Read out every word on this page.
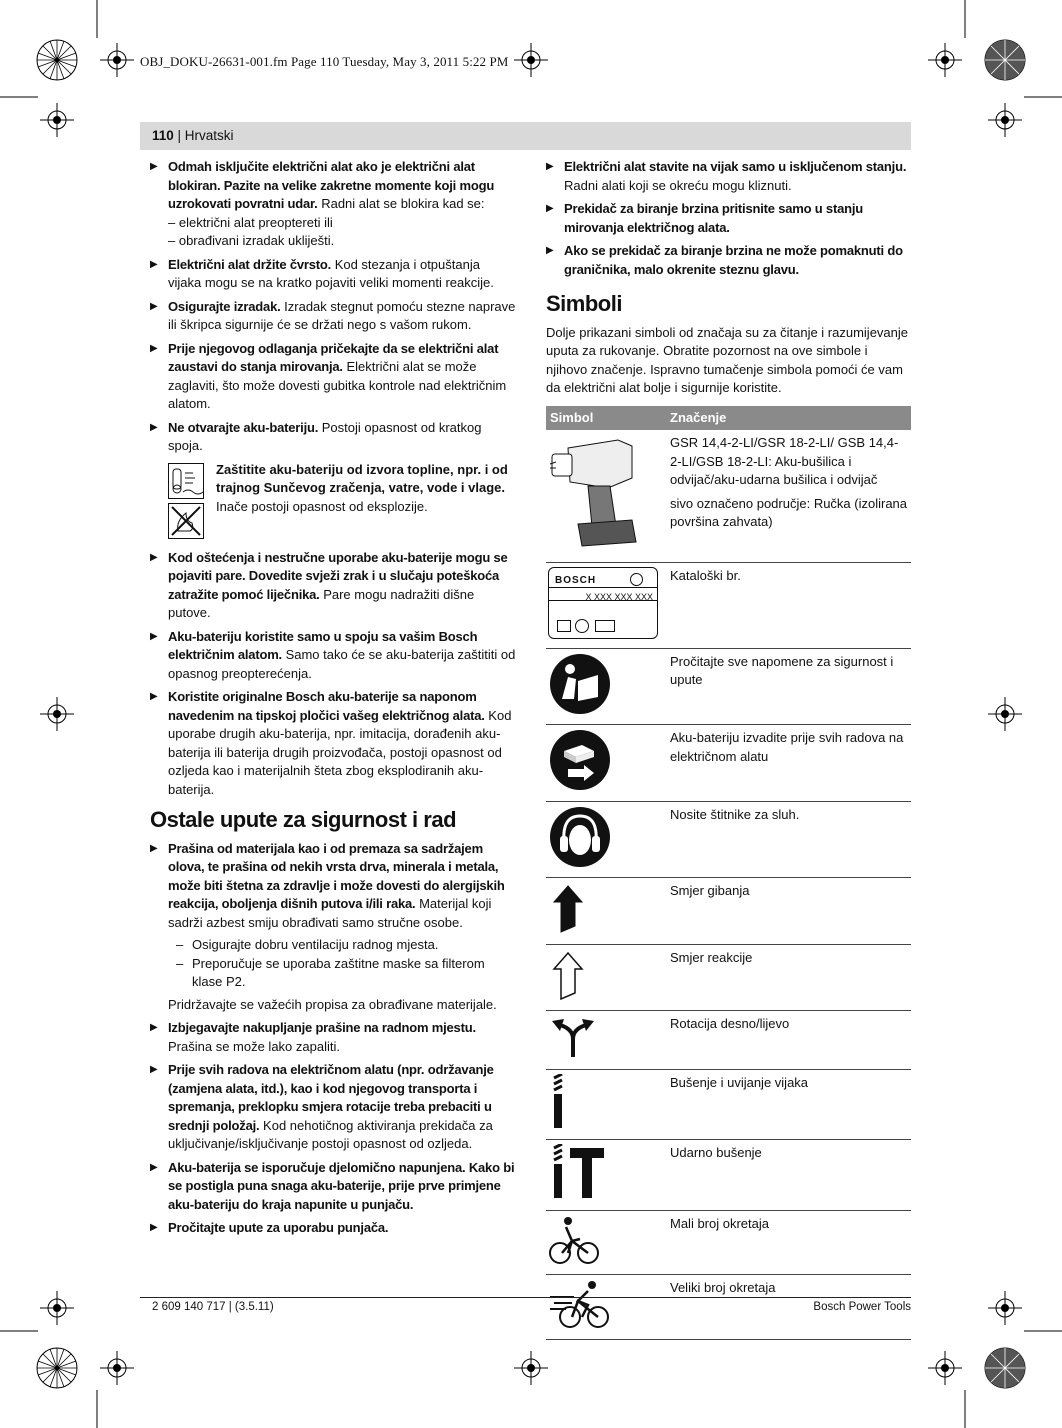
OBJ_DOKU-26631-001.fm Page 110 Tuesday, May 3, 2011 5:22 PM
110 | Hrvatski
▶ Odmah isključite električni alat ako je električni alat blokiran. Pazite na velike zakretne momente koji mogu uzrokovati povratni udar. Radni alat se blokira kad se:
– električni alat preoptereti ili
– obrađivani izradak ukliješti.
▶ Električni alat držite čvrsto. Kod stezanja i otpuštanja vijaka mogu se na kratko pojaviti veliki momenti reakcije.
▶ Osigurajte izradak. Izradak stegnut pomoću stezne naprave ili škripca sigurnije će se držati nego s vašom rukom.
▶ Prije njegovog odlaganja pričekajte da se električni alat zaustavi do stanja mirovanja. Električni alat se može zaglaviti, što može dovesti gubitka kontrole nad električnim alatom.
▶ Ne otvarajte aku-bateriju. Postoji opasnost od kratkog spoja.
Zaštitite aku-bateriju od izvora topline, npr. i od trajnog Sunčevog zračenja, vatre, vode i vlage. Inače postoji opasnost od eksplozije.
▶ Kod oštećenja i nestručne uporabe aku-baterije mogu se pojaviti pare. Dovedite svježi zrak i u slučaju poteškoća zatražite pomoć liječnika. Pare mogu nadražiti dišne putove.
▶ Aku-bateriju koristite samo u spoju sa vašim Bosch električnim alatom. Samo tako će se aku-baterija zaštititi od opasnog preopterećenja.
▶ Koristite originalne Bosch aku-baterije sa naponom navedenim na tipskoj pločici vašeg električnog alata. Kod uporabe drugih aku-baterija, npr. imitacija, dorađenih aku-baterija ili baterija drugih proizvođača, postoji opasnost od ozljeda kao i materijalnih šteta zbog eksplodiranih aku-baterija.
Ostale upute za sigurnost i rad
▶ Prašina od materijala kao i od premaza sa sadržajem olova, te prašina od nekih vrsta drva, minerala i metala, može biti štetna za zdravlje i može dovesti do alergijskih reakcija, oboljenja dišnih putova i/ili raka. Materijal koji sadrži azbest smiju obrađivati samo stručne osobe.
– Osigurajte dobru ventilaciju radnog mjesta.
– Preporučuje se uporaba zaštitne maske sa filterom klase P2.
Pridržavajte se važećih propisa za obrađivane materijale.
▶ Izbjegavajte nakupljanje prašine na radnom mjestu. Prašina se može lako zapaliti.
▶ Prije svih radova na električnom alatu (npr. održavanje (zamjena alata, itd.), kao i kod njegovog transporta i spremanja, preklopku smjera rotacije treba prebaciti u srednji položaj. Kod nehotičnog aktiviranja prekidača za uključivanje/isključivanje postoji opasnost od ozljeda.
▶ Aku-baterija se isporučuje djelomično napunjena. Kako bi se postigla puna snaga aku-baterije, prije prve primjene aku-bateriju do kraja napunite u punjaču.
▶ Pročitajte upute za uporabu punjača.
▶ Električni alat stavite na vijak samo u isključenom stanju. Radni alati koji se okreću mogu kliznuti.
▶ Prekidač za biranje brzina pritisnite samo u stanju mirovanja električnog alata.
▶ Ako se prekidač za biranje brzina ne može pomaknuti do graničnika, malo okrenite steznu glavu.
Simboli
Dolje prikazani simboli od značaja su za čitanje i razumijevanje uputa za rukovanje. Obratite pozornost na ove simbole i njihovo značenje. Ispravno tumačenje simbola pomoći će vam da električni alat bolje i sigurnije koristite.
Simbol	Značenje

GSR 14,4-2-LI/GSR 18-2-LI/ GSB 14,4-2-LI/GSB 18-2-LI: Aku-bušilica i odvijač/aku-udarna bušilica i odvijač
sivo označeno područje: Ručka (izolirana površina zahvata)

BOSCH
X XXX XXX XXX	Kataloški br.
	Pročitajte sve napomene za sigurnost i upute
	Aku-bateriju izvadite prije svih radova na električnom alatu
	Nosite štitnike za sluh.
	Smjer gibanja
	Smjer reakcije
	Rotacija desno/lijevo
	Bušenje i uvijanje vijaka
	Udarno bušenje
	Mali broj okretaja
	Veliki broj okretaja
2 609 140 717 | (3.5.11)	Bosch Power Tools
